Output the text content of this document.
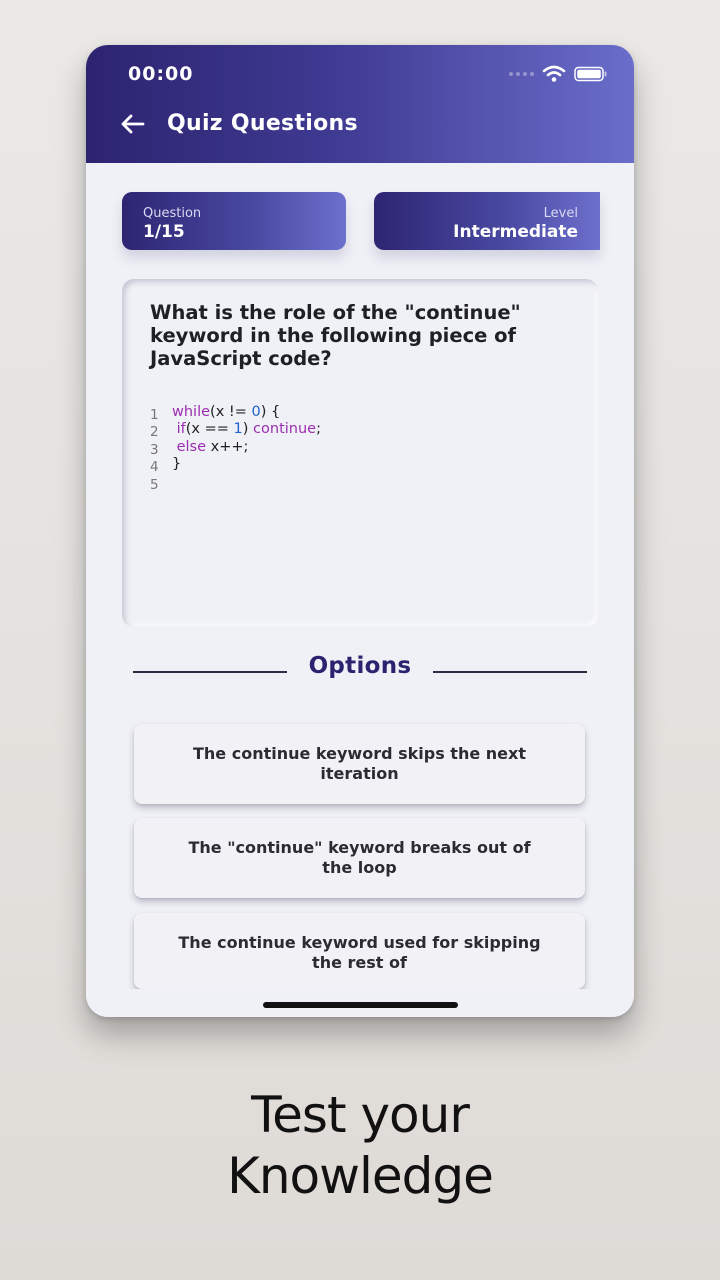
00:00
Quiz Questions
Question
1/15
Level
Intermediate
What is the role of the "continue" keyword in the following piece of JavaScript code?
1 while(x != 0) {
2	if(x == 1) continue;
3	else x++;
4 }
5
Options
The continue keyword skips the next iteration
The "continue" keyword breaks out of the loop
The continue keyword used for skipping the rest of
Test your
Knowledge
